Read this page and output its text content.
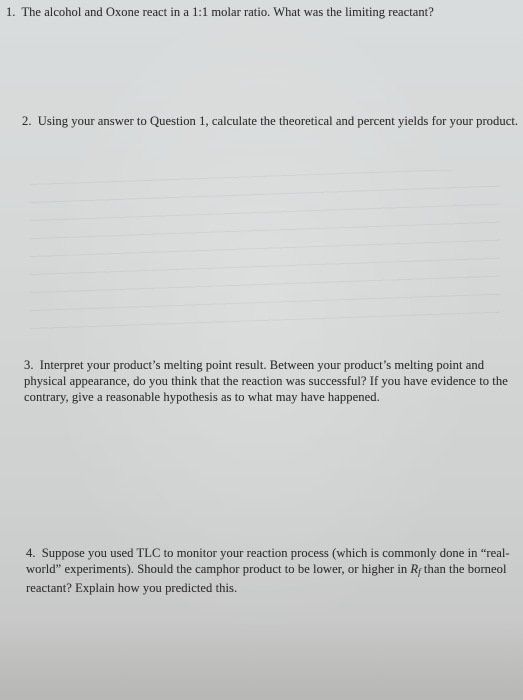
1. The alcohol and Oxone react in a 1:1 molar ratio. What was the limiting reactant?

2. Using your answer to Question 1, calculate the theoretical and percent yields for your product.

3. Interpret your product’s melting point result. Between your product’s melting point and physical appearance, do you think that the reaction was successful? If you have evidence to the contrary, give a reasonable hypothesis as to what may have happened.

4. Suppose you used TLC to monitor your reaction process (which is commonly done in “real-world” experiments). Should the camphor product to be lower, or higher in $R_f$ than the borneol reactant? Explain how you predicted this.
